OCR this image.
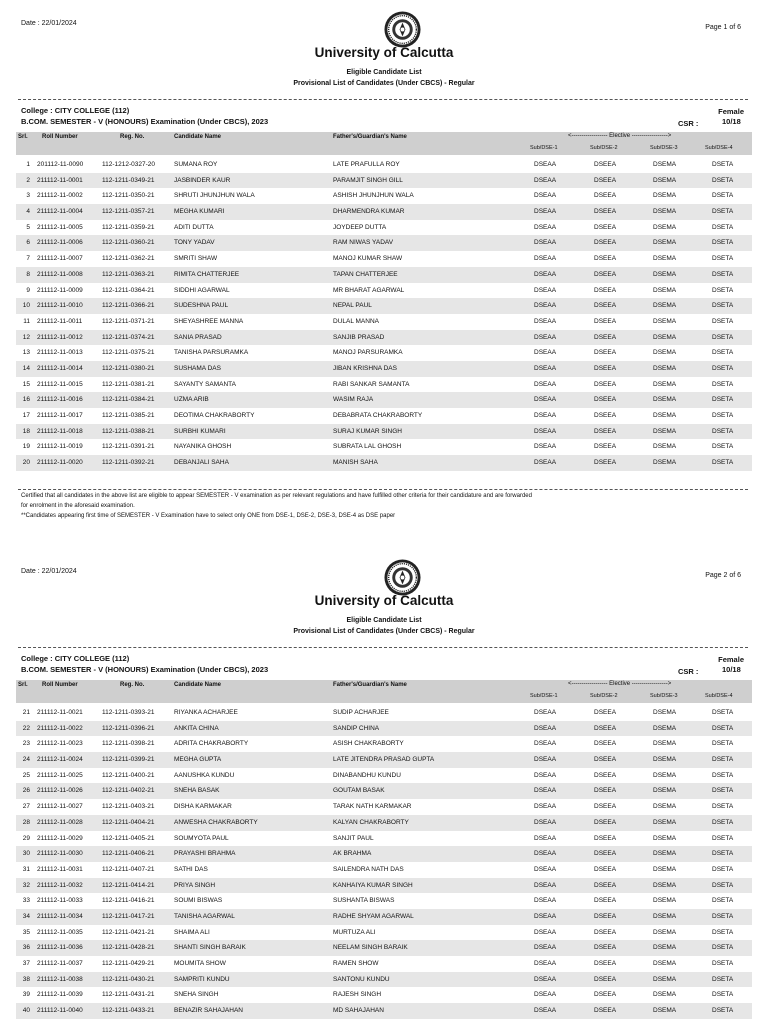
Date : 22/01/2024
Page 1 of 6
University of Calcutta
Eligible Candidate List
Provisional List of Candidates (Under CBCS) - Regular
College : CITY COLLEGE (112)
B.COM. SEMESTER - V (HONOURS) Examination (Under CBCS), 2023
Female
CSR :	10/18
Srl. Roll Number	Reg. No.	Candidate Name	Father's/Guardian's Name	<------------------ Elective ------------------>
Sub/DSE-1	Sub/DSE-2	Sub/DSE-3	Sub/DSE-4
1 201112-11-0090	112-1212-0327-20	SUMANA ROY	LATE PRAFULLA ROY	DSEAA	DSEEA	DSEMA	DSETA
2 211112-11-0001	112-1211-0349-21	JASBINDER KAUR	PARAMJIT SINGH GILL	DSEAA	DSEEA	DSEMA	DSETA
3 211112-11-0002	112-1211-0350-21	SHRUTI JHUNJHUN WALA	ASHISH JHUNJHUN WALA	DSEAA	DSEEA	DSEMA	DSETA
4 211112-11-0004	112-1211-0357-21	MEGHA KUMARI	DHARMENDRA KUMAR	DSEAA	DSEEA	DSEMA	DSETA
5 211112-11-0005	112-1211-0359-21	ADITI DUTTA	JOYDEEP DUTTA	DSEAA	DSEEA	DSEMA	DSETA
6 211112-11-0006	112-1211-0360-21	TONY YADAV	RAM NIWAS YADAV	DSEAA	DSEEA	DSEMA	DSETA
7 211112-11-0007	112-1211-0362-21	SMRITI SHAW	MANOJ KUMAR SHAW	DSEAA	DSEEA	DSEMA	DSETA
8 211112-11-0008	112-1211-0363-21	RIMITA CHATTERJEE	TAPAN CHATTERJEE	DSEAA	DSEEA	DSEMA	DSETA
9 211112-11-0009	112-1211-0364-21	SIDDHI AGARWAL	MR BHARAT AGARWAL	DSEAA	DSEEA	DSEMA	DSETA
10 211112-11-0010	112-1211-0366-21	SUDESHNA PAUL	NEPAL PAUL	DSEAA	DSEEA	DSEMA	DSETA
11 211112-11-0011	112-1211-0371-21	SHEYASHREE MANNA	DULAL MANNA	DSEAA	DSEEA	DSEMA	DSETA
12 211112-11-0012	112-1211-0374-21	SANIA PRASAD	SANJIB PRASAD	DSEAA	DSEEA	DSEMA	DSETA
13 211112-11-0013	112-1211-0375-21	TANISHA PARSURAMKA	MANOJ PARSURAMKA	DSEAA	DSEEA	DSEMA	DSETA
14 211112-11-0014	112-1211-0380-21	SUSHAMA DAS	JIBAN KRISHNA DAS	DSEAA	DSEEA	DSEMA	DSETA
15 211112-11-0015	112-1211-0381-21	SAYANTY SAMANTA	RABI SANKAR SAMANTA	DSEAA	DSEEA	DSEMA	DSETA
16 211112-11-0016	112-1211-0384-21	UZMA ARIB	WASIM RAJA	DSEAA	DSEEA	DSEMA	DSETA
17 211112-11-0017	112-1211-0385-21	DEOTIMA CHAKRABORTY	DEBABRATA CHAKRABORTY	DSEAA	DSEEA	DSEMA	DSETA
18 211112-11-0018	112-1211-0388-21	SURBHI KUMARI	SURAJ KUMAR SINGH	DSEAA	DSEEA	DSEMA	DSETA
19 211112-11-0019	112-1211-0391-21	NAYANIKA GHOSH	SUBRATA LAL GHOSH	DSEAA	DSEEA	DSEMA	DSETA
20 211112-11-0020	112-1211-0392-21	DEBANJALI SAHA	MANISH SAHA	DSEAA	DSEEA	DSEMA	DSETA
Certified that all candidates in the above list are eligible to appear SEMESTER - V examination as per relevant regulations and have fulfilled other criteria for their candidature and are forwarded
for enrolment in the aforesaid examination.
**Candidates appearing first time of SEMESTER - V Examination have to select only ONE from DSE-1, DSE-2, DSE-3, DSE-4 as DSE paper
Date : 22/01/2024
Page 2 of 6
University of Calcutta
Eligible Candidate List
Provisional List of Candidates (Under CBCS) - Regular
College : CITY COLLEGE (112)
B.COM. SEMESTER - V (HONOURS) Examination (Under CBCS), 2023
Female
CSR :	10/18
Srl. Roll Number	Reg. No.	Candidate Name	Father's/Guardian's Name	<------------------ Elective ------------------>
Sub/DSE-1	Sub/DSE-2	Sub/DSE-3	Sub/DSE-4
21 211112-11-0021	112-1211-0393-21	RIYANKA ACHARJEE	SUDIP ACHARJEE	DSEAA	DSEEA	DSEMA	DSETA
22 211112-11-0022	112-1211-0396-21	ANKITA CHINA	SANDIP CHINA	DSEAA	DSEEA	DSEMA	DSETA
23 211112-11-0023	112-1211-0398-21	ADRITA CHAKRABORTY	ASISH CHAKRABORTY	DSEAA	DSEEA	DSEMA	DSETA
24 211112-11-0024	112-1211-0399-21	MEGHA GUPTA	LATE JITENDRA PRASAD GUPTA	DSEAA	DSEEA	DSEMA	DSETA
25 211112-11-0025	112-1211-0400-21	AANUSHKA KUNDU	DINABANDHU KUNDU	DSEAA	DSEEA	DSEMA	DSETA
26 211112-11-0026	112-1211-0402-21	SNEHA BASAK	GOUTAM BASAK	DSEAA	DSEEA	DSEMA	DSETA
27 211112-11-0027	112-1211-0403-21	DISHA KARMAKAR	TARAK NATH KARMAKAR	DSEAA	DSEEA	DSEMA	DSETA
28 211112-11-0028	112-1211-0404-21	ANWESHA CHAKRABORTY	KALYAN CHAKRABORTY	DSEAA	DSEEA	DSEMA	DSETA
29 211112-11-0029	112-1211-0405-21	SOUMYOTA PAUL	SANJIT PAUL	DSEAA	DSEEA	DSEMA	DSETA
30 211112-11-0030	112-1211-0406-21	PRAYASHI BRAHMA	AK BRAHMA	DSEAA	DSEEA	DSEMA	DSETA
31 211112-11-0031	112-1211-0407-21	SATHI DAS	SAILENDRA NATH DAS	DSEAA	DSEEA	DSEMA	DSETA
32 211112-11-0032	112-1211-0414-21	PRIYA SINGH	KANHAIYA KUMAR SINGH	DSEAA	DSEEA	DSEMA	DSETA
33 211112-11-0033	112-1211-0416-21	SOUMI BISWAS	SUSHANTA BISWAS	DSEAA	DSEEA	DSEMA	DSETA
34 211112-11-0034	112-1211-0417-21	TANISHA AGARWAL	RADHE SHYAM AGARWAL	DSEAA	DSEEA	DSEMA	DSETA
35 211112-11-0035	112-1211-0421-21	SHAIMA ALI	MURTUZA ALI	DSEAA	DSEEA	DSEMA	DSETA
36 211112-11-0036	112-1211-0428-21	SHANTI SINGH BARAIK	NEELAM SINGH BARAIK	DSEAA	DSEEA	DSEMA	DSETA
37 211112-11-0037	112-1211-0429-21	MOUMITA SHOW	RAMEN SHOW	DSEAA	DSEEA	DSEMA	DSETA
38 211112-11-0038	112-1211-0430-21	SAMPRITI KUNDU	SANTONU KUNDU	DSEAA	DSEEA	DSEMA	DSETA
39 211112-11-0039	112-1211-0431-21	SNEHA SINGH	RAJESH SINGH	DSEAA	DSEEA	DSEMA	DSETA
40 211112-11-0040	112-1211-0433-21	BENAZIR SAHAJAHAN	MD SAHAJAHAN	DSEAA	DSEEA	DSEMA	DSETA
